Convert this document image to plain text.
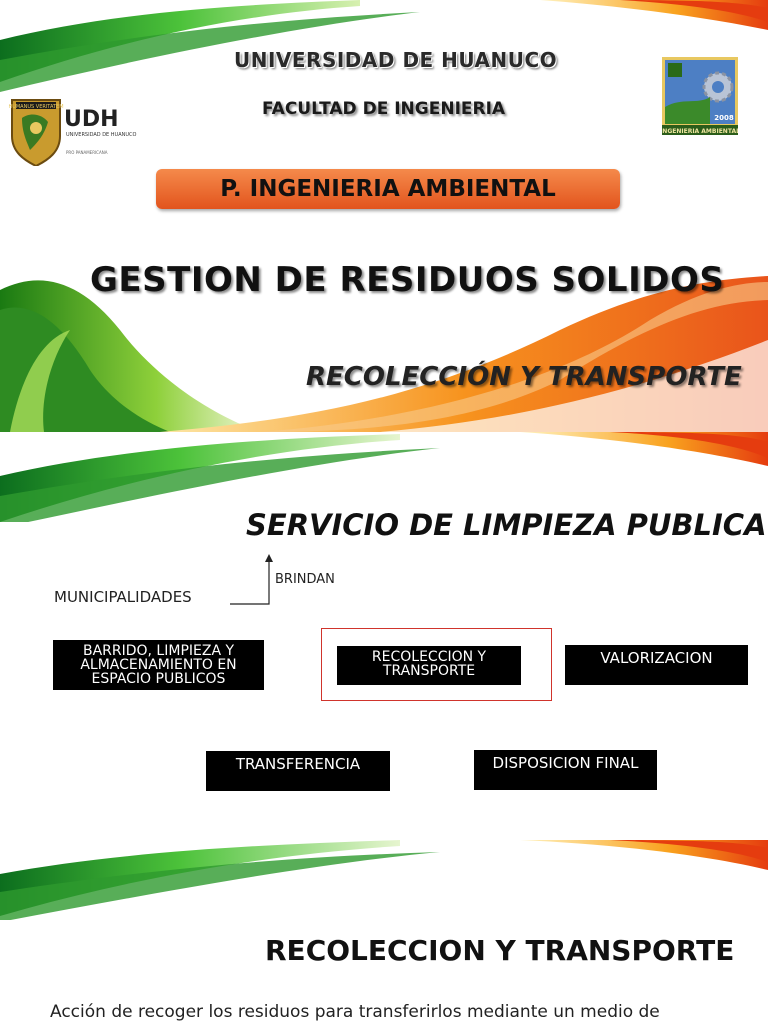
UNIVERSIDAD DE HUANUCO
FACULTAD DE INGENIERIA
HUMANUS VERITATEM UDH
UNIVERSIDAD DE HUANUCO
PRO PANAMERICANA
2008
INGENIERIA AMBIENTAL
P. INGENIERIA AMBIENTAL
GESTION DE RESIDUOS SOLIDOS
RECOLECCIÓN Y TRANSPORTE
SERVICIO DE LIMPIEZA PUBLICA
MUNICIPALIDADES
BRINDAN
BARRIDO, LIMPIEZA Y ALMACENAMIENTO EN ESPACIO PUBLICOS
RECOLECCION Y TRANSPORTE
VALORIZACION
TRANSFERENCIA	DISPOSICION FINAL
RECOLECCION Y TRANSPORTE
Acción de recoger los residuos para transferirlos mediante un medio de
